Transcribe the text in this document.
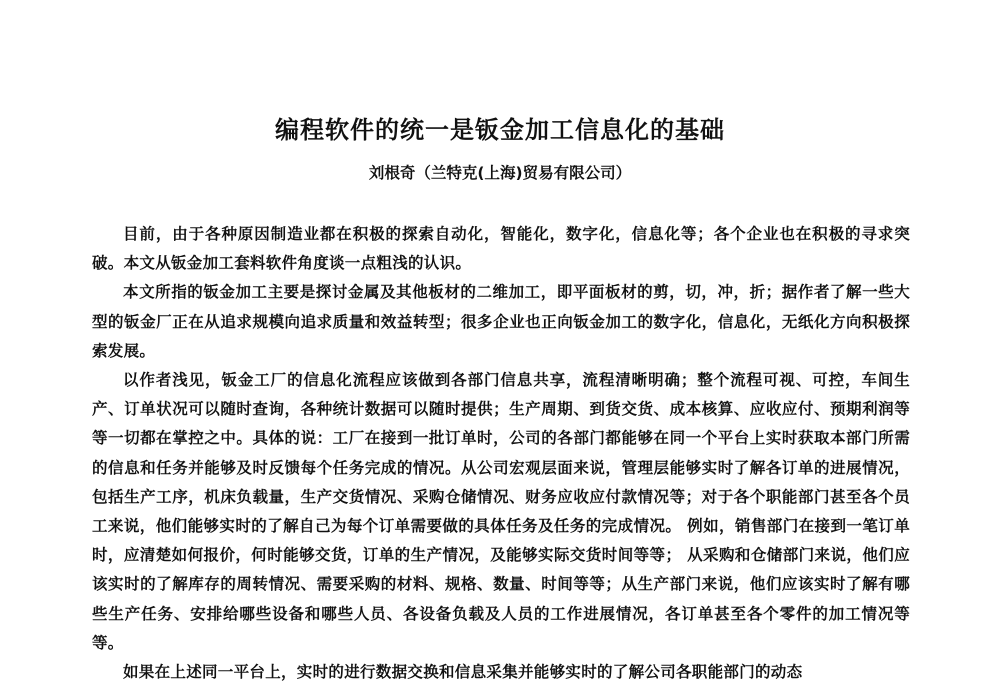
编程软件的统一是钣金加工信息化的基础
刘根奇（兰特克(上海)贸易有限公司）

目前，由于各种原因制造业都在积极的探索自动化，智能化，数字化，信息化等；各个企业也在积极的寻求突破。本文从钣金加工套料软件角度谈一点粗浅的认识。

本文所指的钣金加工主要是探讨金属及其他板材的二维加工，即平面板材的剪，切，冲，折；据作者了解一些大型的钣金厂正在从追求规模向追求质量和效益转型；很多企业也正向钣金加工的数字化，信息化，无纸化方向积极探索发展。

以作者浅见，钣金工厂的信息化流程应该做到各部门信息共享，流程清晰明确；整个流程可视、可控，车间生产、订单状况可以随时查询，各种统计数据可以随时提供；生产周期、到货交货、成本核算、应收应付、预期利润等等一切都在掌控之中。具体的说：工厂在接到一批订单时，公司的各部门都能够在同一个平台上实时获取本部门所需的信息和任务并能够及时反馈每个任务完成的情况。从公司宏观层面来说，管理层能够实时了解各订单的进展情况，包括生产工序，机床负载量，生产交货情况、采购仓储情况、财务应收应付款情况等；对于各个职能部门甚至各个员工来说，他们能够实时的了解自己为每个订单需要做的具体任务及任务的完成情况。 例如，销售部门在接到一笔订单时，应清楚如何报价，何时能够交货，订单的生产情况，及能够实际交货时间等等； 从采购和仓储部门来说，他们应该实时的了解库存的周转情况、需要采购的材料、规格、数量、时间等等；从生产部门来说，他们应该实时了解有哪些生产任务、安排给哪些设备和哪些人员、各设备负载及人员的工作进展情况，各订单甚至各个零件的加工情况等等。

如果在上述同一平台上，实时的进行数据交换和信息采集并能够实时的了解公司各职能部门的动态
